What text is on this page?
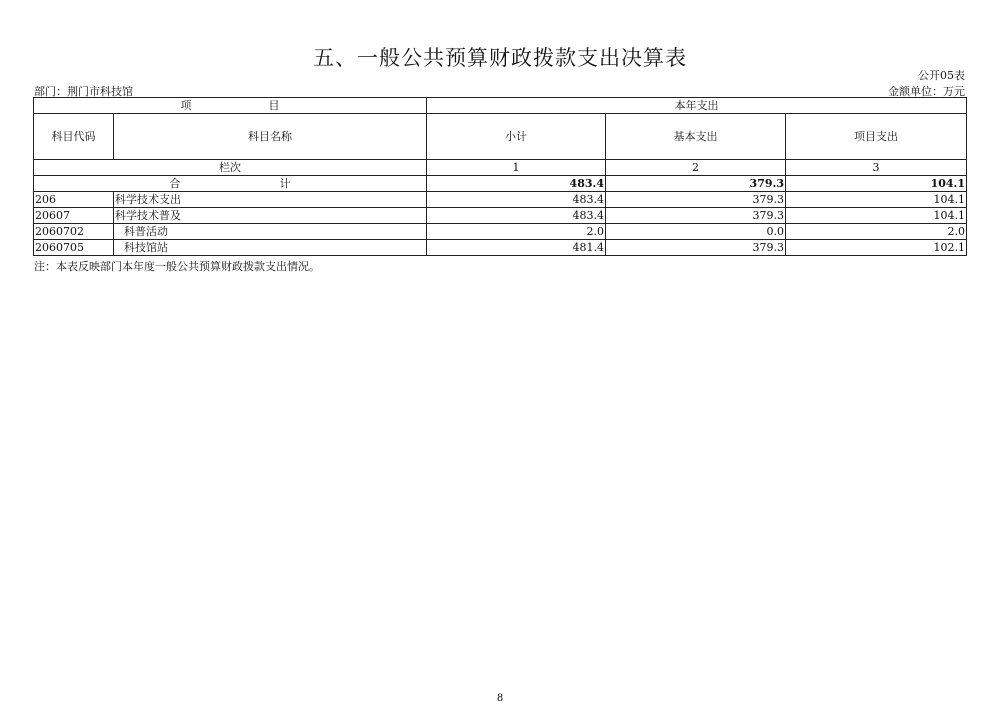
五、一般公共预算财政拨款支出决算表
公开05表
部门：荆门市科技馆	金额单位：万元
项　　　　　　　目		本年支出		
科目代码	科目名称	小计	基本支出	项目支出
栏次		1	2	3
合　　　　　　　　　计		483.4	379.3	104.1
206	科学技术支出	483.4	379.3	104.1
20607	科学技术普及	483.4	379.3	104.1
2060702	科普活动	2.0	0.0	2.0
2060705	科技馆站	481.4	379.3	102.1
注：本表反映部门本年度一般公共预算财政拨款支出情况。
8
